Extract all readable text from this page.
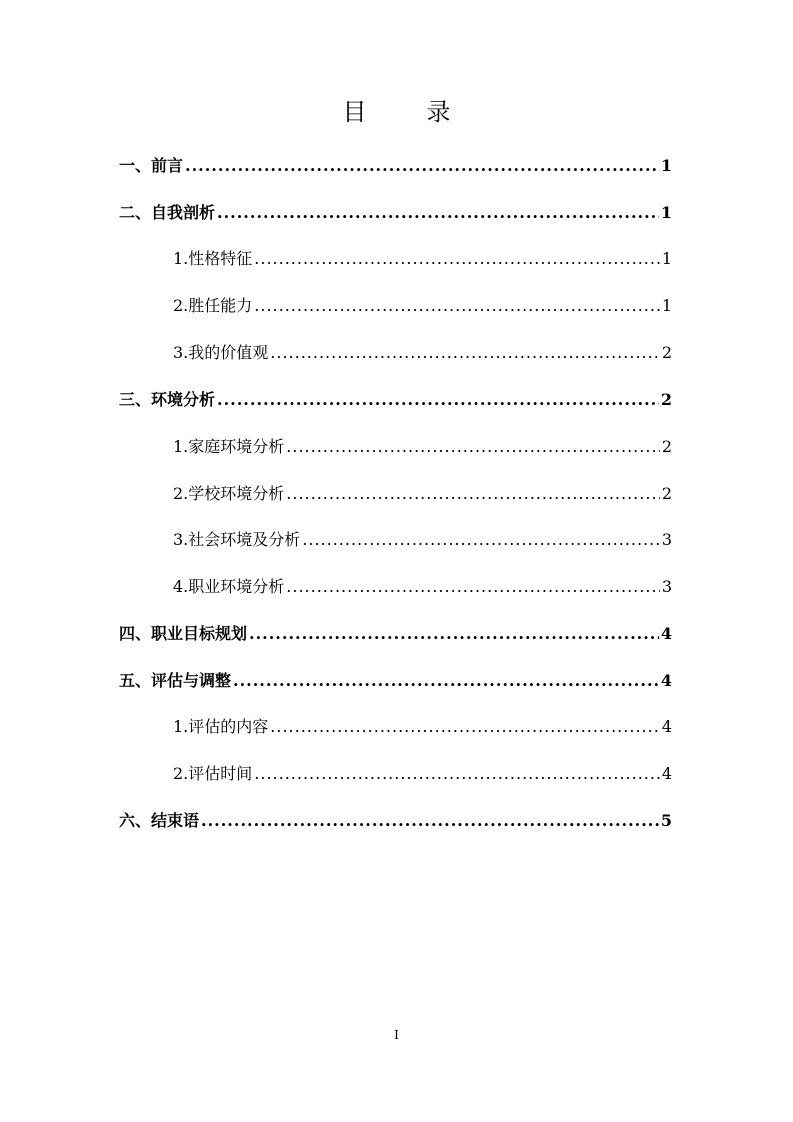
目　录
一、前言 .....	1
二、自我剖析 .....	1
1.性格特征 .....	1
2.胜任能力 .....	1
3.我的价值观 .....	2
三、环境分析 .....	2
1.家庭环境分析 .....	2
2.学校环境分析 .....	2
3.社会环境及分析 .....	3
4.职业环境分析 .....	3
四、职业目标规划 .....	4
五、评估与调整 .....	4
1.评估的内容 .....	4
2.评估时间 .....	4
六、结束语 .....	5
I
